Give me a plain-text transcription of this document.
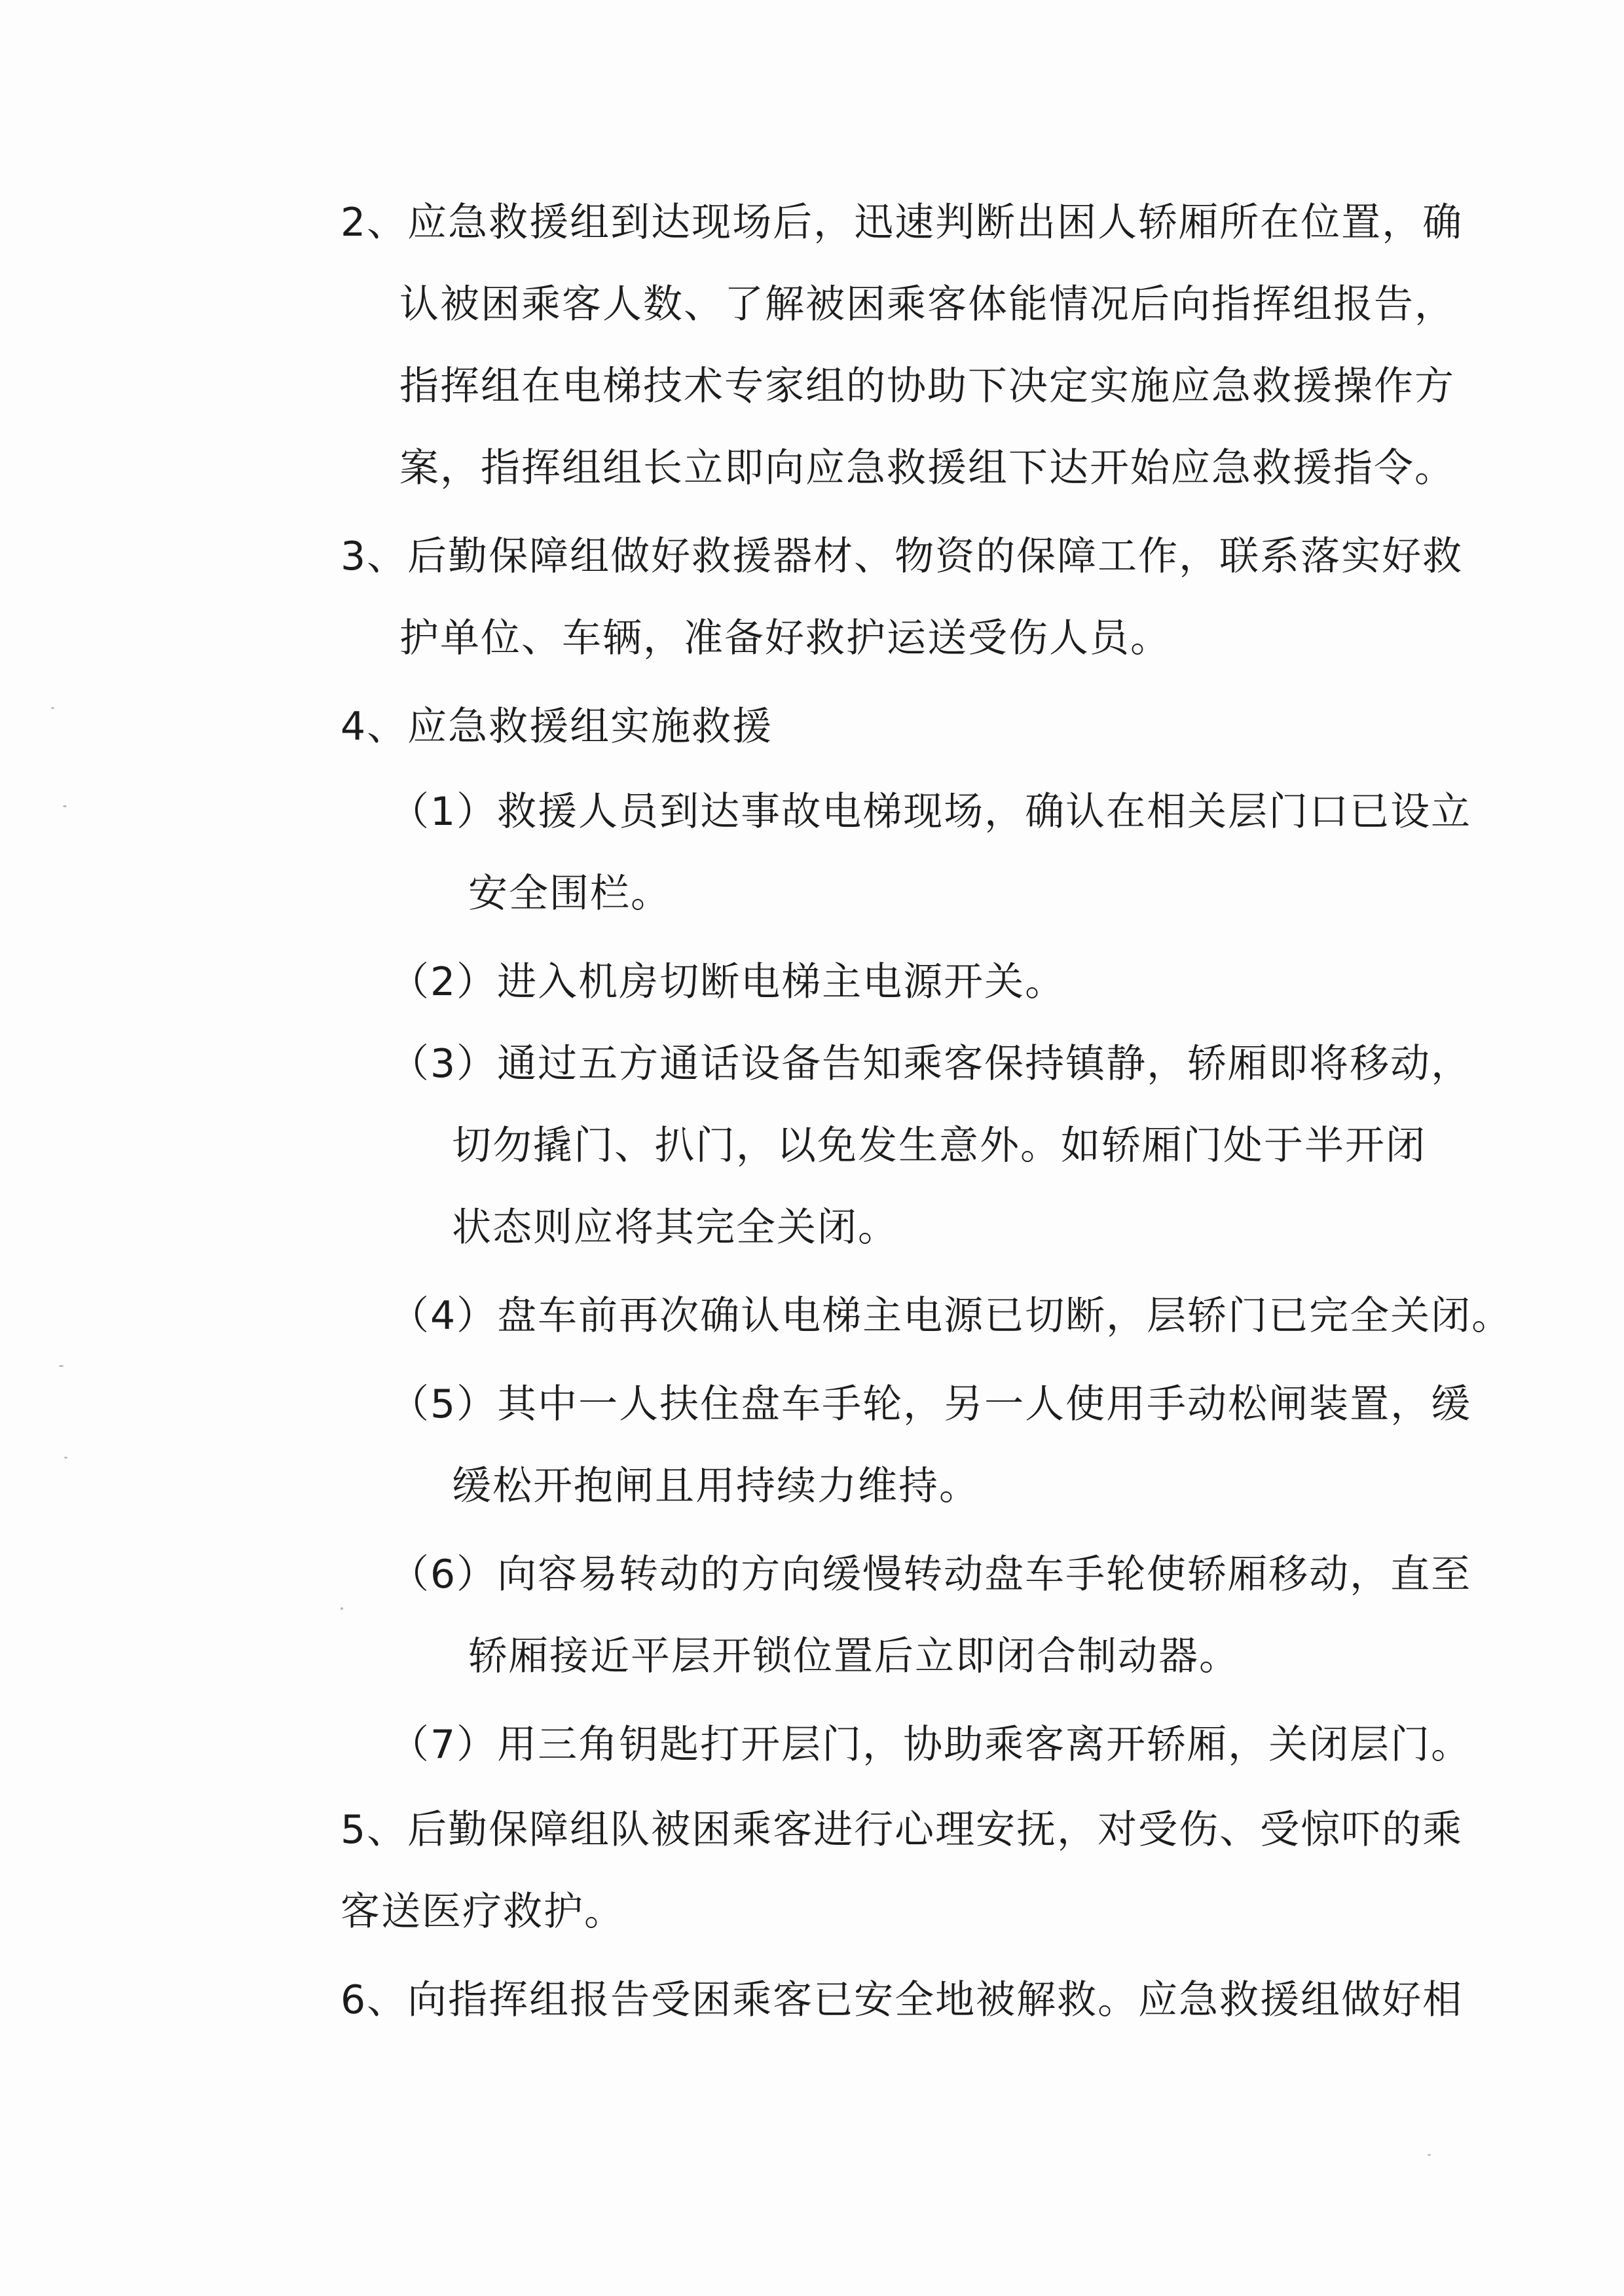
2、应急救援组到达现场后，迅速判断出困人轿厢所在位置，确
认被困乘客人数、了解被困乘客体能情况后向指挥组报告，
指挥组在电梯技术专家组的协助下决定实施应急救援操作方
案，指挥组组长立即向应急救援组下达开始应急救援指令。
3、后勤保障组做好救援器材、物资的保障工作，联系落实好救
护单位、车辆，准备好救护运送受伤人员。
4、应急救援组实施救援
（1）救援人员到达事故电梯现场，确认在相关层门口已设立
安全围栏。
（2）进入机房切断电梯主电源开关。
（3）通过五方通话设备告知乘客保持镇静，轿厢即将移动，
切勿撬门、扒门，以免发生意外。如轿厢门处于半开闭
状态则应将其完全关闭。
（4）盘车前再次确认电梯主电源已切断，层轿门已完全关闭。
（5）其中一人扶住盘车手轮，另一人使用手动松闸装置，缓
缓松开抱闸且用持续力维持。
（6）向容易转动的方向缓慢转动盘车手轮使轿厢移动，直至
轿厢接近平层开锁位置后立即闭合制动器。
（7）用三角钥匙打开层门，协助乘客离开轿厢，关闭层门。
5、后勤保障组队被困乘客进行心理安抚，对受伤、受惊吓的乘
客送医疗救护。
6、向指挥组报告受困乘客已安全地被解救。应急救援组做好相
